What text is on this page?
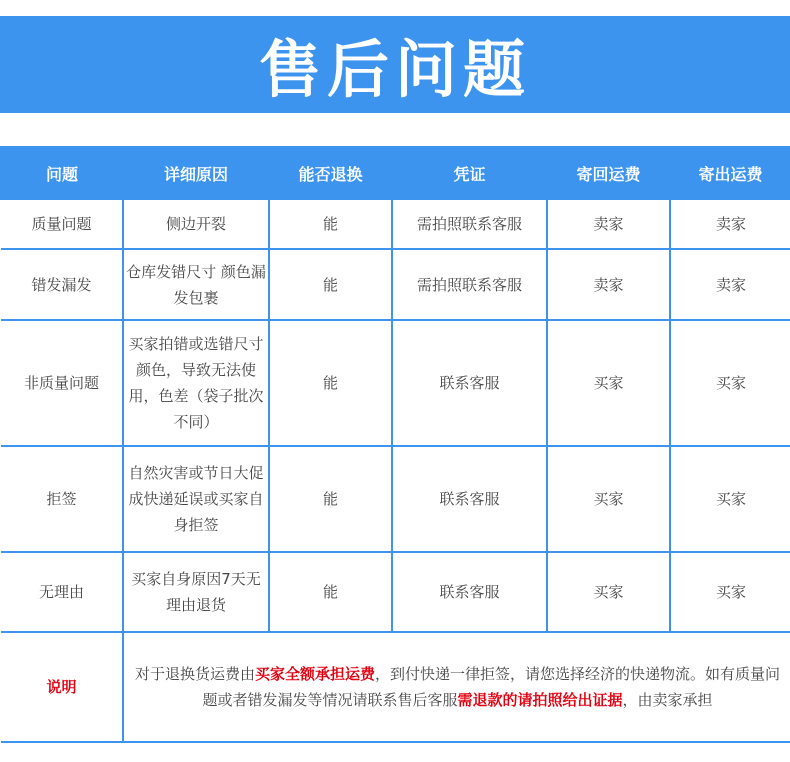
售后问题
问题	详细原因	能否退换	凭证	寄回运费	寄出运费
质量问题	侧边开裂	能	需拍照联系客服	卖家	卖家
错发漏发	仓库发错尺寸 颜色漏发包裹	能	需拍照联系客服	卖家	卖家
非质量问题	买家拍错或选错尺寸颜色，导致无法使用，色差（袋子批次不同）	能	联系客服	买家	买家
拒签	自然灾害或节日大促成快递延误或买家自身拒签	能	联系客服	买家	买家
无理由	买家自身原因7天无理由退货	能	联系客服	买家	买家
说明	对于退换货运费由买家全额承担运费，到付快递一律拒签，请您选择经济的快递物流。如有质量问题或者错发漏发等情况请联系售后客服需退款的请拍照给出证据，由卖家承担				
